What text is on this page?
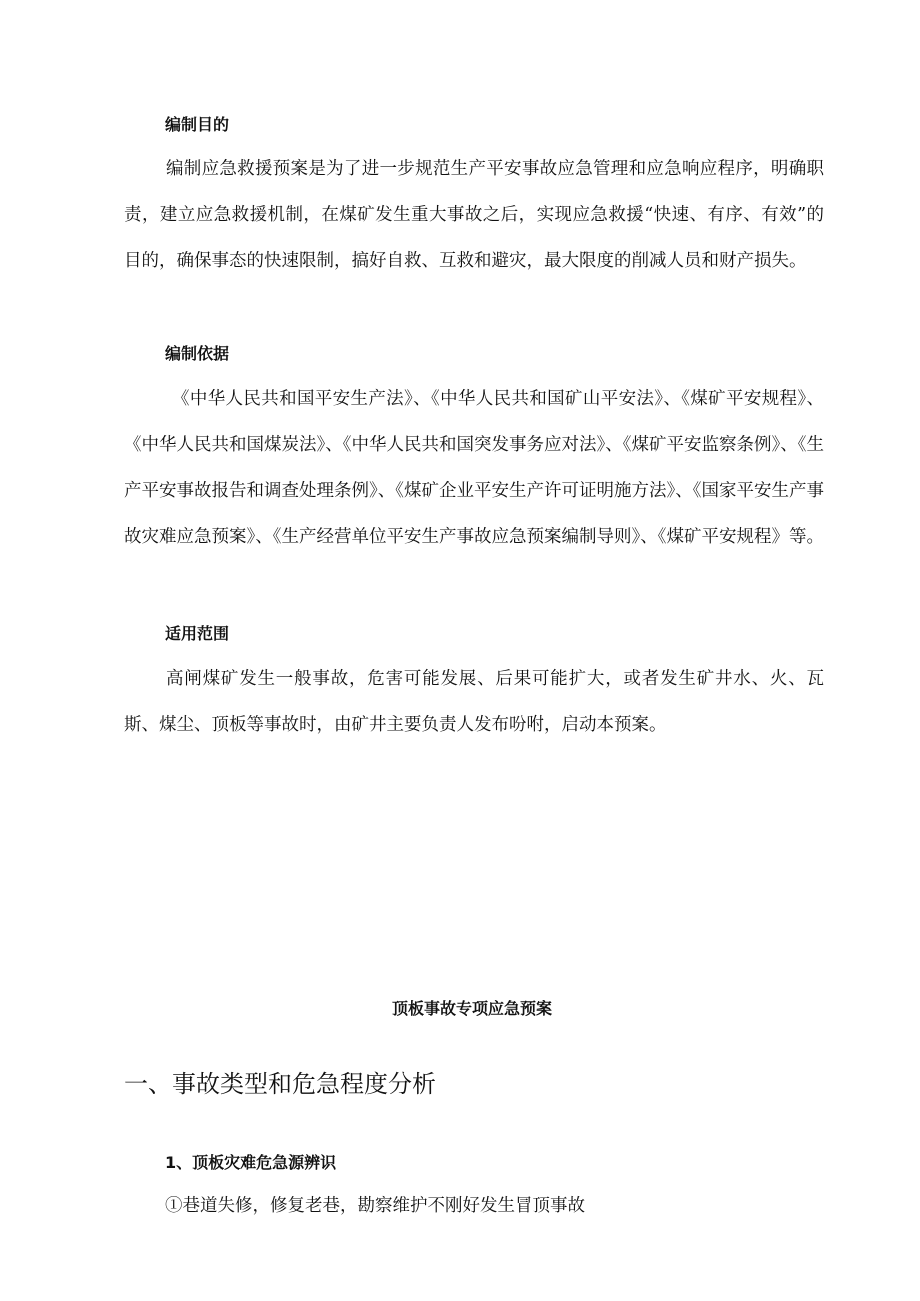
编制目的
编制应急救援预案是为了进一步规范生产平安事故应急管理和应急响应程序，明确职责，建立应急救援机制，在煤矿发生重大事故之后，实现应急救援“快速、有序、有效”的目的，确保事态的快速限制，搞好自救、互救和避灾，最大限度的削减人员和财产损失。
编制依据
《中华人民共和国平安生产法》、《中华人民共和国矿山平安法》、《煤矿平安规程》、《中华人民共和国煤炭法》、《中华人民共和国突发事务应对法》、《煤矿平安监察条例》、《生产平安事故报告和调查处理条例》、《煤矿企业平安生产许可证明施方法》、《国家平安生产事故灾难应急预案》、《生产经营单位平安生产事故应急预案编制导则》、《煤矿平安规程》等。
适用范围
高闸煤矿发生一般事故，危害可能发展、后果可能扩大，或者发生矿井水、火、瓦斯、煤尘、顶板等事故时，由矿井主要负责人发布吩咐，启动本预案。
顶板事故专项应急预案
一、事故类型和危急程度分析
1、顶板灾难危急源辨识
①巷道失修，修复老巷，勘察维护不刚好发生冒顶事故
